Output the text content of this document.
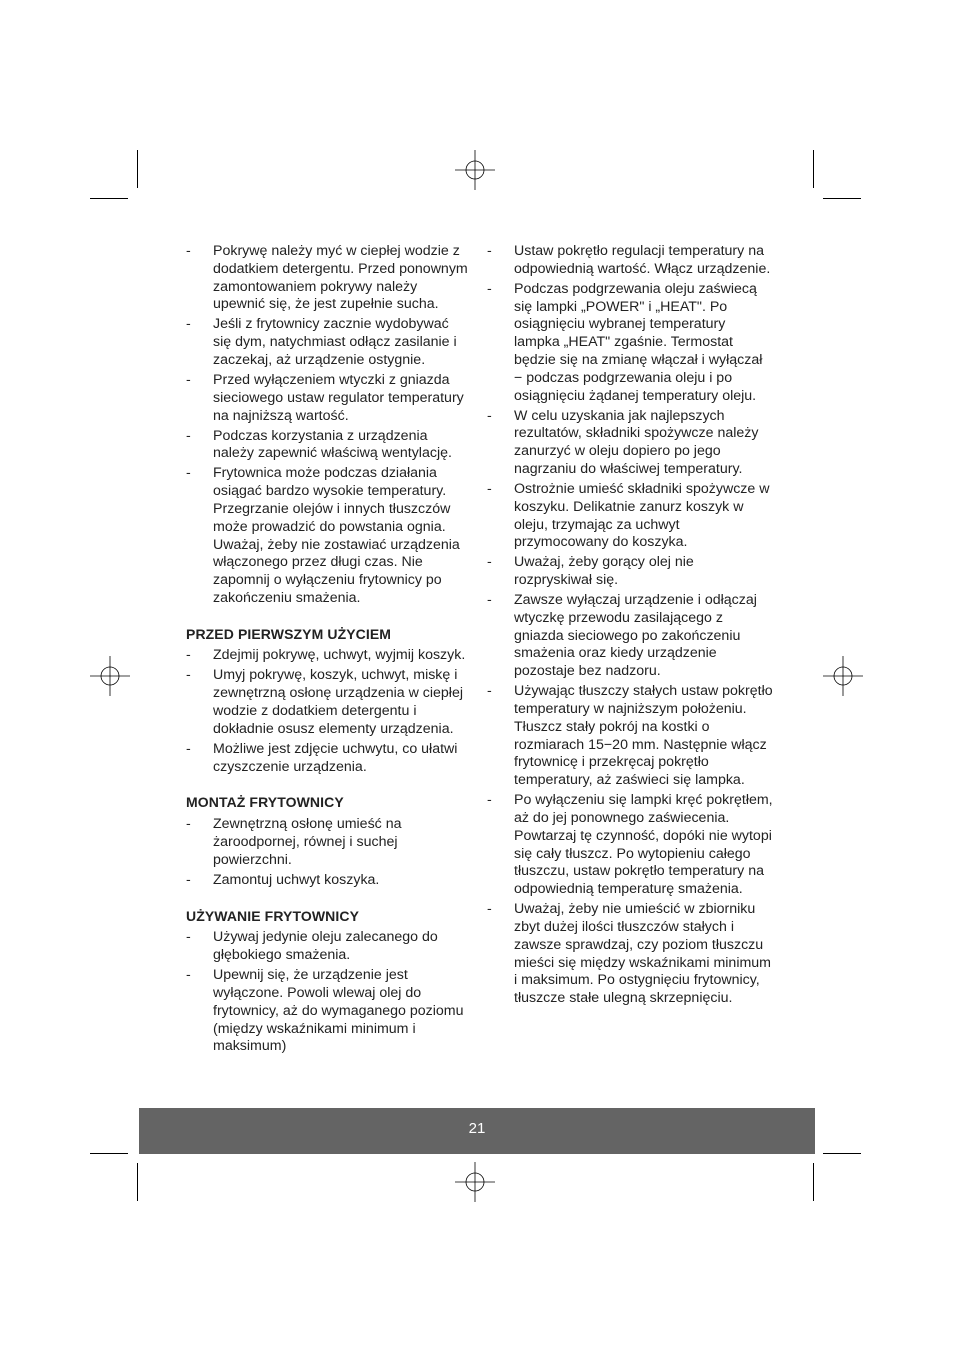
- Pokrywę należy myć w ciepłej wodzie z dodatkiem detergentu. Przed ponownym zamontowaniem pokrywy należy upewnić się, że jest zupełnie sucha.
- Jeśli z frytownicy zacznie wydobywać się dym, natychmiast odłącz zasilanie i zaczekaj, aż urządzenie ostygnie.
- Przed wyłączeniem wtyczki z gniazda sieciowego ustaw regulator temperatury na najniższą wartość.
- Podczas korzystania z urządzenia należy zapewnić właściwą wentylację.
- Frytownica może podczas działania osiągać bardzo wysokie temperatury. Przegrzanie olejów i innych tłuszczów może prowadzić do powstania ognia. Uważaj, żeby nie zostawiać urządzenia włączonego przez długi czas. Nie zapomnij o wyłączeniu frytownicy po zakończeniu smażenia.
PRZED PIERWSZYM UŻYCIEM
- Zdejmij pokrywę, uchwyt, wyjmij koszyk.
- Umyj pokrywę, koszyk, uchwyt, miskę i zewnętrzną osłonę urządzenia w ciepłej wodzie z dodatkiem detergentu i dokładnie osusz elementy urządzenia.
- Możliwe jest zdjęcie uchwytu, co ułatwi czyszczenie urządzenia.
MONTAŻ FRYTOWNICY
- Zewnętrzną osłonę umieść na żaroodpornej, równej i suchej powierzchni.
- Zamontuj uchwyt koszyka.
UŻYWANIE FRYTOWNICY
- Używaj jedynie oleju zalecanego do głębokiego smażenia.
- Upewnij się, że urządzenie jest wyłączone. Powoli wlewaj olej do frytownicy, aż do wymaganego poziomu (między wskaźnikami minimum i maksimum)
- Ustaw pokrętło regulacji temperatury na odpowiednią wartość. Włącz urządzenie.
- Podczas podgrzewania oleju zaświecą się lampki „POWER" i „HEAT". Po osiągnięciu wybranej temperatury lampka „HEAT" zgaśnie. Termostat będzie się na zmianę włączał i wyłączał − podczas podgrzewania oleju i po osiągnięciu żądanej temperatury oleju.
- W celu uzyskania jak najlepszych rezultatów, składniki spożywcze należy zanurzyć w oleju dopiero po jego nagrzaniu do właściwej temperatury.
- Ostrożnie umieść składniki spożywcze w koszyku. Delikatnie zanurz koszyk w oleju, trzymając za uchwyt przymocowany do koszyka.
- Uważaj, żeby gorący olej nie rozpryskiwał się.
- Zawsze wyłączaj urządzenie i odłączaj wtyczkę przewodu zasilającego z gniazda sieciowego po zakończeniu smażenia oraz kiedy urządzenie pozostaje bez nadzoru.
- Używając tłuszczy stałych ustaw pokrętło temperatury w najniższym położeniu. Tłuszcz stały pokrój na kostki o rozmiarach 15−20 mm. Następnie włącz frytownicę i przekręcaj pokrętło temperatury, aż zaświeci się lampka.
- Po wyłączeniu się lampki kręć pokrętłem, aż do jej ponownego zaświecenia. Powtarzaj tę czynność, dopóki nie wytopi się cały tłuszcz. Po wytopieniu całego tłuszczu, ustaw pokrętło temperatury na odpowiednią temperaturę smażenia.
- Uważaj, żeby nie umieścić w zbiorniku zbyt dużej ilości tłuszczów stałych i zawsze sprawdzaj, czy poziom tłuszczu mieści się między wskaźnikami minimum i maksimum. Po ostygnięciu frytownicy, tłuszcze stałe ulegną skrzepnięciu.
21
